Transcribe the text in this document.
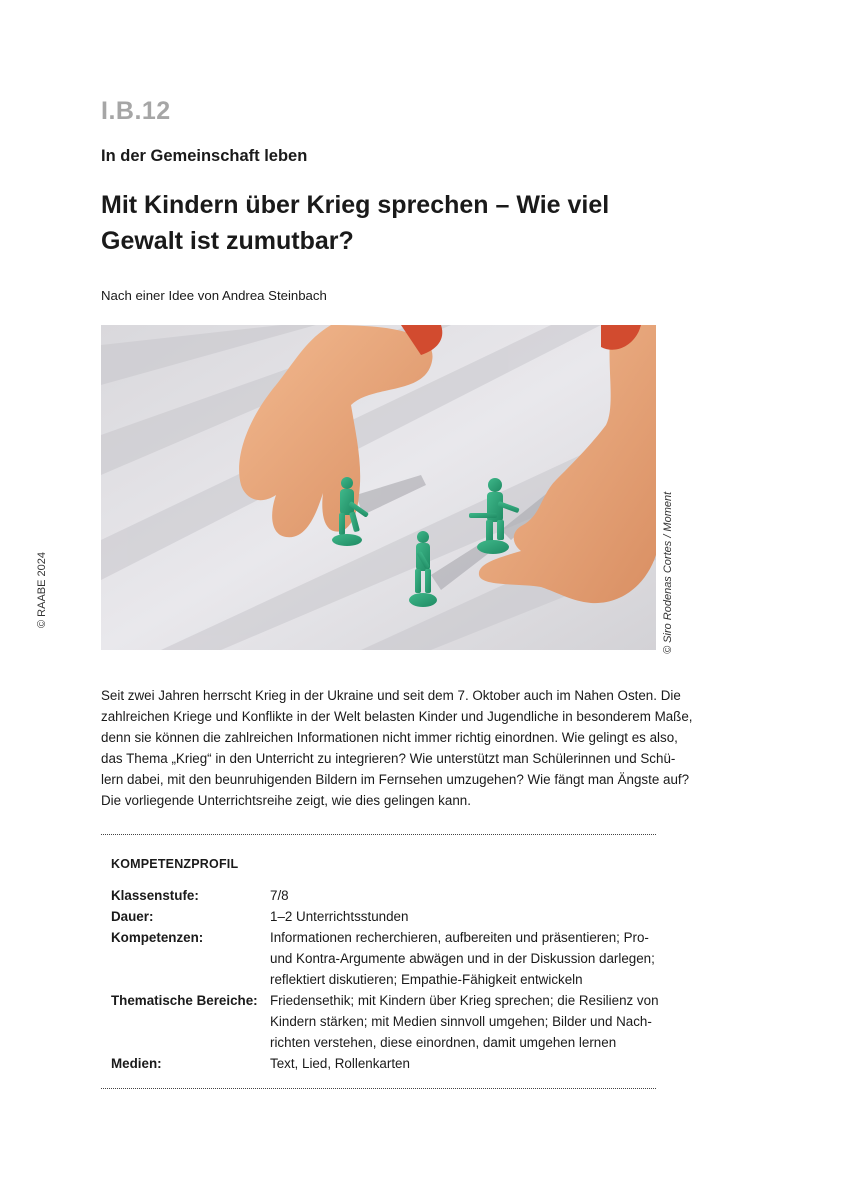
I.B.12
In der Gemeinschaft leben
Mit Kindern über Krieg sprechen – Wie viel
Gewalt ist zumutbar?
Nach einer Idee von Andrea Steinbach
© Siro Rodenas Cortes / Moment
© RAABE 2024

Seit zwei Jahren herrscht Krieg in der Ukraine und seit dem 7. Oktober auch im Nahen Osten. Die
zahlreichen Kriege und Konflikte in der Welt belasten Kinder und Jugendliche in besonderem Maße,
denn sie können die zahlreichen Informationen nicht immer richtig einordnen. Wie gelingt es also,
das Thema „Krieg“ in den Unterricht zu integrieren? Wie unterstützt man Schülerinnen und Schü-
lern dabei, mit den beunruhigenden Bildern im Fernsehen umzugehen? Wie fängt man Ängste auf?
Die vorliegende Unterrichtsreihe zeigt, wie dies gelingen kann.

KOMPETENZPROFIL
Klassenstufe:	7/8
Dauer:	1–2 Unterrichtsstunden
Kompetenzen:	Informationen recherchieren, aufbereiten und präsentieren; Pro-
und Kontra-Argumente abwägen und in der Diskussion darlegen;
reflektiert diskutieren; Empathie-Fähigkeit entwickeln
Thematische Bereiche: Friedensethik; mit Kindern über Krieg sprechen; die Resilienz von
Kindern stärken; mit Medien sinnvoll umgehen; Bilder und Nach-
richten verstehen, diese einordnen, damit umgehen lernen
Medien:	Text, Lied, Rollenkarten
